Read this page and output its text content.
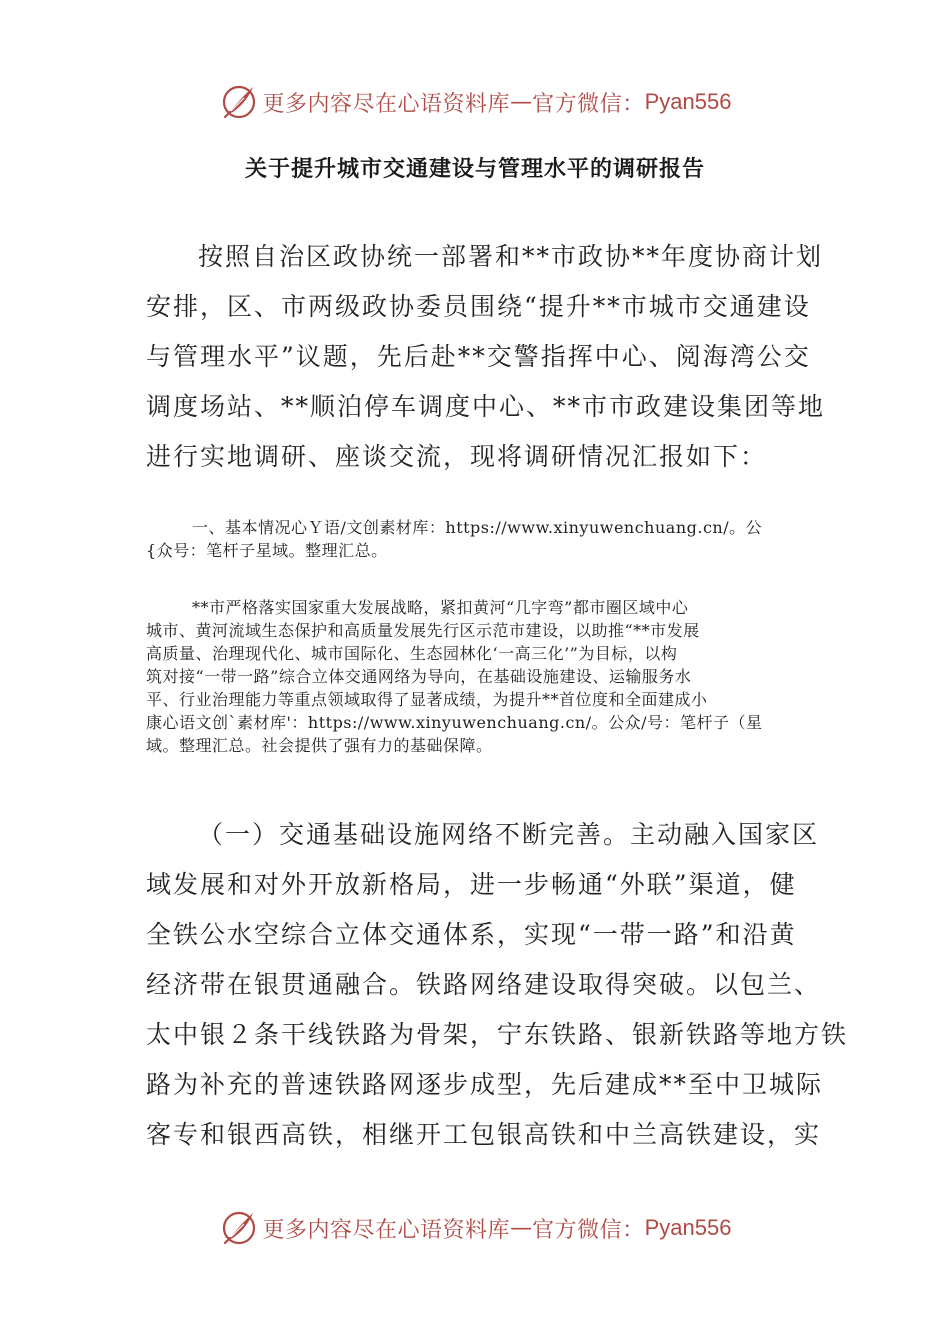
更多内容尽在心语资料库 — 官方微信： Pyan556
关于提升城市交通建设与管理水平的调研报告
按照自治区政协统一部署和**市政协**年度协商计划
安排，区、市两级政协委员围绕“提升**市城市交通建设
与管理水平”议题，先后赴**交警指挥中心、阅海湾公交
调度场站、**顺泊停车调度中心、**市市政建设集团等地
进行实地调研、座谈交流，现将调研情况汇报如下：
一、基本情况心Ｙ语/文创素材库：https://www.xinyuwenchuang.cn/。公
{众号：笔杆子星域。整理汇总。
**市严格落实国家重大发展战略，紧扣黄河“几字弯”都市圈区域中心
城市、黄河流域生态保护和高质量发展先行区示范市建设，以助推“**市发展
高质量、治理现代化、城市国际化、生态园林化‘一高三化’”为目标，以构
筑对接“一带一路”综合立体交通网络为导向，在基础设施建设、运输服务水
平、行业治理能力等重点领域取得了显著成绩，为提升**首位度和全面建成小
康心语文创`素材库'：https://www.xinyuwenchuang.cn/。公众/号：笔杆子（星
域。整理汇总。社会提供了强有力的基础保障。
（一）交通基础设施网络不断完善。主动融入国家区
域发展和对外开放新格局，进一步畅通“外联”渠道，健
全铁公水空综合立体交通体系，实现“一带一路”和沿黄
经济带在银贯通融合。铁路网络建设取得突破。以包兰、
太中银２条干线铁路为骨架，宁东铁路、银新铁路等地方铁
路为补充的普速铁路网逐步成型，先后建成**至中卫城际
客专和银西高铁，相继开工包银高铁和中兰高铁建设，实
更多内容尽在心语资料库 — 官方微信： Pyan556
